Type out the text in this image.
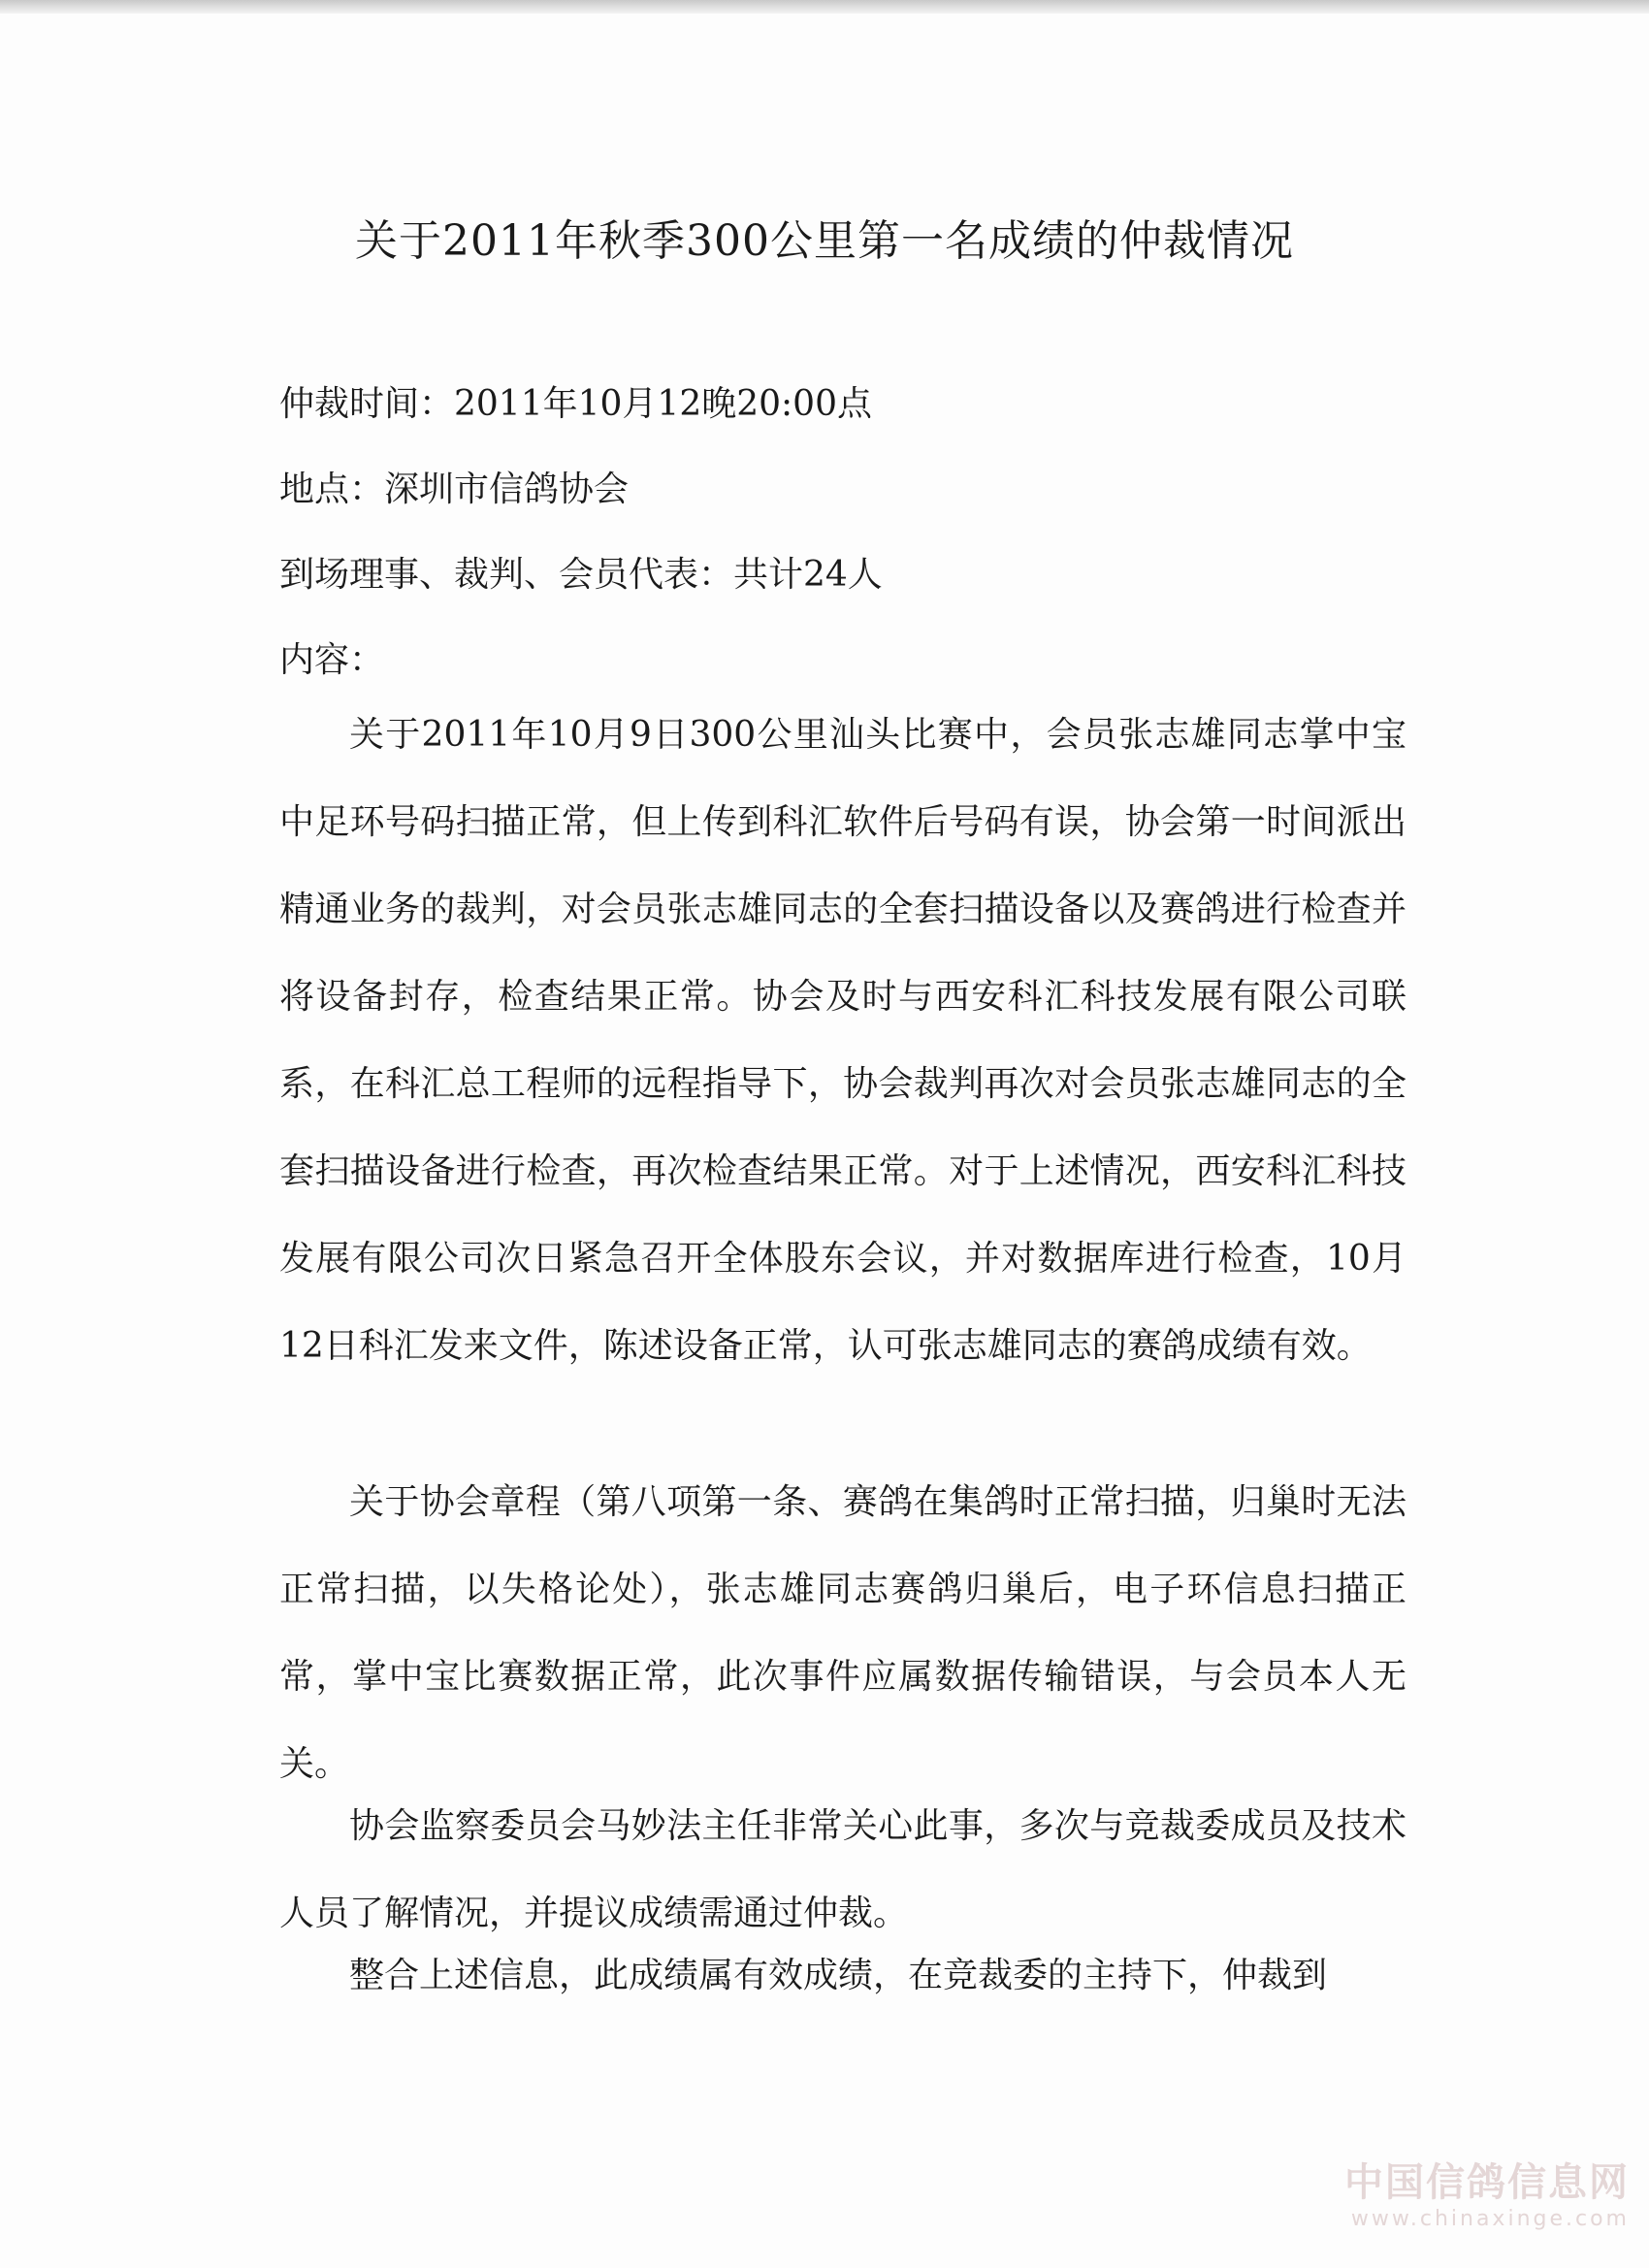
关于2011年秋季300公里第一名成绩的仲裁情况
仲裁时间：2011年10月12晚20:00点
地点：深圳市信鸽协会
到场理事、裁判、会员代表：共计24人
内容：

关于2011年10月9日300公里汕头比赛中，会员张志雄同志掌中宝中足环号码扫描正常，但上传到科汇软件后号码有误，协会第一时间派出精通业务的裁判，对会员张志雄同志的全套扫描设备以及赛鸽进行检查并将设备封存，检查结果正常。协会及时与西安科汇科技发展有限公司联系，在科汇总工程师的远程指导下，协会裁判再次对会员张志雄同志的全套扫描设备进行检查，再次检查结果正常。对于上述情况，西安科汇科技发展有限公司次日紧急召开全体股东会议，并对数据库进行检查，10月12日科汇发来文件，陈述设备正常，认可张志雄同志的赛鸽成绩有效。

关于协会章程（第八项第一条、赛鸽在集鸽时正常扫描，归巢时无法正常扫描，以失格论处），张志雄同志赛鸽归巢后，电子环信息扫描正常，掌中宝比赛数据正常，此次事件应属数据传输错误，与会员本人无关。

协会监察委员会马妙法主任非常关心此事，多次与竞裁委成员及技术人员了解情况，并提议成绩需通过仲裁。

整合上述信息，此成绩属有效成绩，在竞裁委的主持下，仲裁到

中国信鸽信息网
www.chinaxinge.com
